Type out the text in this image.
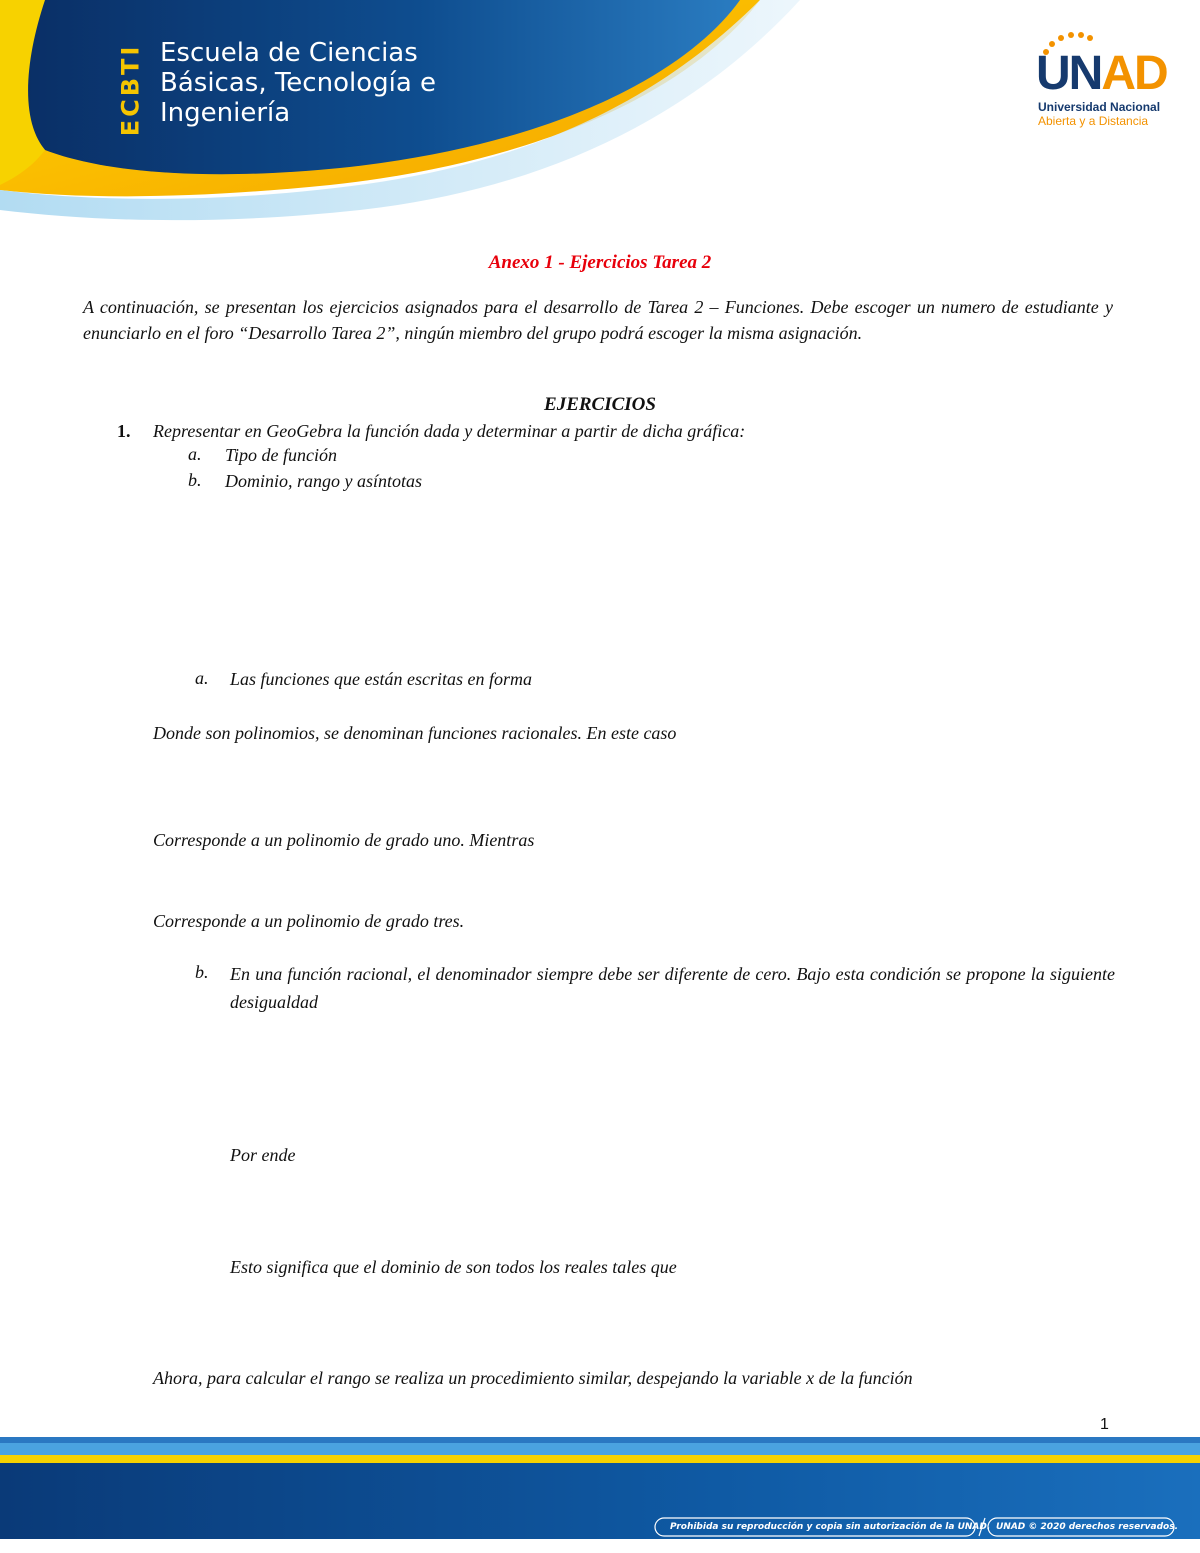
ECBTI Escuela de Ciencias
Básicas, Tecnología e
Ingeniería
UNAD
Universidad Nacional
Abierta y a Distancia
Anexo 1 - Ejercicios Tarea 2
A continuación, se presentan los ejercicios asignados para el desarrollo de Tarea 2 – Funciones. Debe escoger un numero de estudiante y enunciarlo en el foro “Desarrollo Tarea 2”, ningún miembro del grupo podrá escoger la misma asignación.
EJERCICIOS
1. Representar en GeoGebra la función dada y determinar a partir de dicha gráfica:
a. Tipo de función
b. Dominio, rango y asíntotas
a. Las funciones que están escritas en forma
Donde son polinomios, se denominan funciones racionales. En este caso
Corresponde a un polinomio de grado uno. Mientras
Corresponde a un polinomio de grado tres.
b. En una función racional, el denominador siempre debe ser diferente de cero. Bajo esta condición se propone la siguiente desigualdad
Por ende
Esto significa que el dominio de son todos los reales tales que
Ahora, para calcular el rango se realiza un procedimiento similar, despejando la variable x de la función
1
Prohibida su reproducción y copia sin autorización de la UNAD. UNAD © 2020 derechos reservados.
